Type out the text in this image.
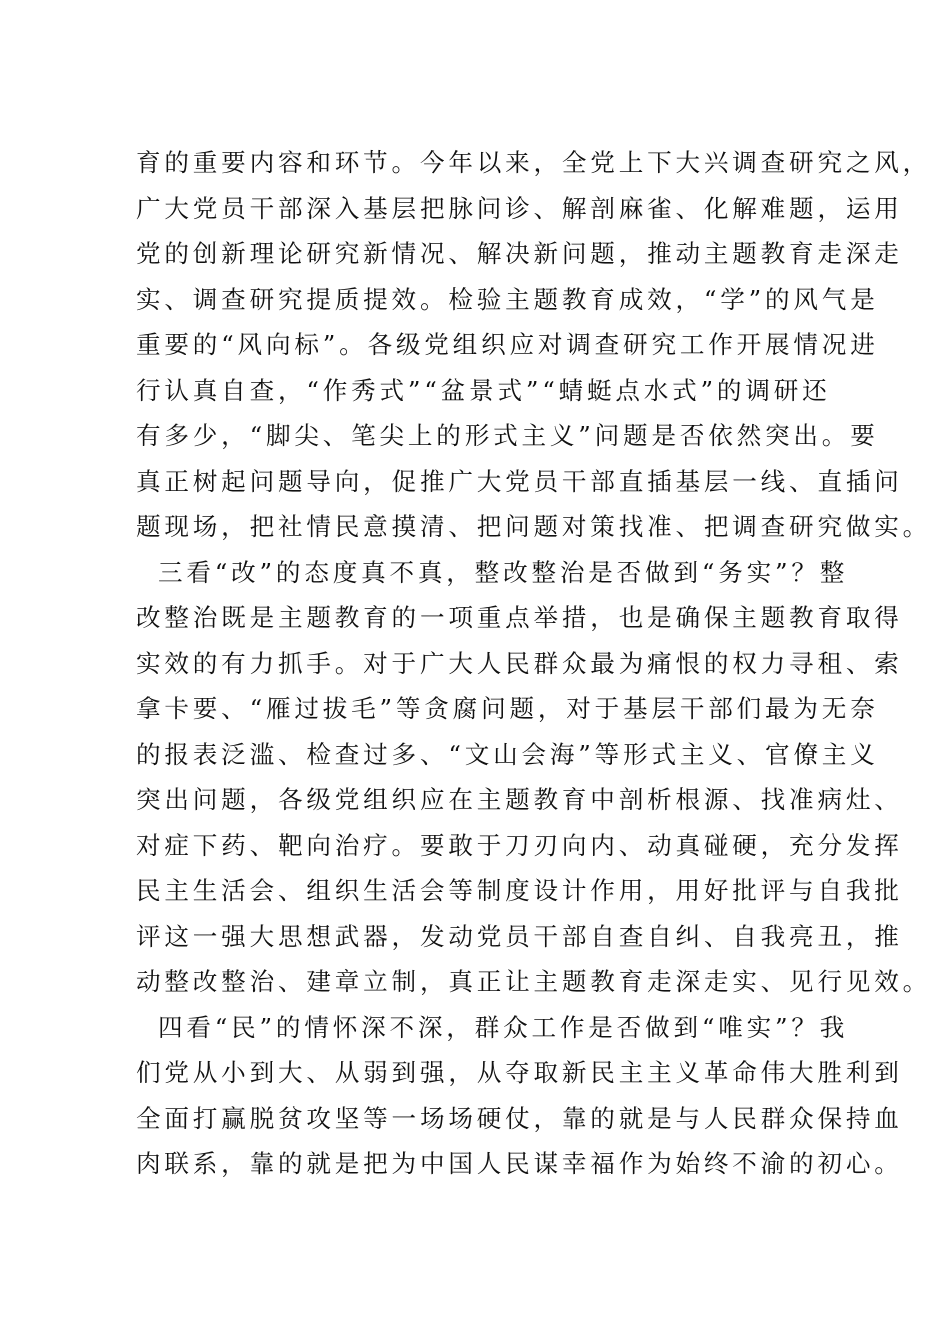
育的重要内容和环节。今年以来，全党上下大兴调查研究之风，
广大党员干部深入基层把脉问诊、解剖麻雀、化解难题，运用
党的创新理论研究新情况、解决新问题，推动主题教育走深走
实、调查研究提质提效。检验主题教育成效，“学”的风气是
重要的“风向标”。各级党组织应对调查研究工作开展情况进
行认真自查，“作秀式”“盆景式”“蜻蜓点水式”的调研还
有多少，“脚尖、笔尖上的形式主义”问题是否依然突出。要
真正树起问题导向，促推广大党员干部直插基层一线、直插问
题现场，把社情民意摸清、把问题对策找准、把调查研究做实。
三看“改”的态度真不真，整改整治是否做到“务实”？整
改整治既是主题教育的一项重点举措，也是确保主题教育取得
实效的有力抓手。对于广大人民群众最为痛恨的权力寻租、索
拿卡要、“雁过拔毛”等贪腐问题，对于基层干部们最为无奈
的报表泛滥、检查过多、“文山会海”等形式主义、官僚主义
突出问题，各级党组织应在主题教育中剖析根源、找准病灶、
对症下药、靶向治疗。要敢于刀刃向内、动真碰硬，充分发挥
民主生活会、组织生活会等制度设计作用，用好批评与自我批
评这一强大思想武器，发动党员干部自查自纠、自我亮丑，推
动整改整治、建章立制，真正让主题教育走深走实、见行见效。
四看“民”的情怀深不深，群众工作是否做到“唯实”？我
们党从小到大、从弱到强，从夺取新民主主义革命伟大胜利到
全面打赢脱贫攻坚等一场场硬仗，靠的就是与人民群众保持血
肉联系，靠的就是把为中国人民谋幸福作为始终不渝的初心。
